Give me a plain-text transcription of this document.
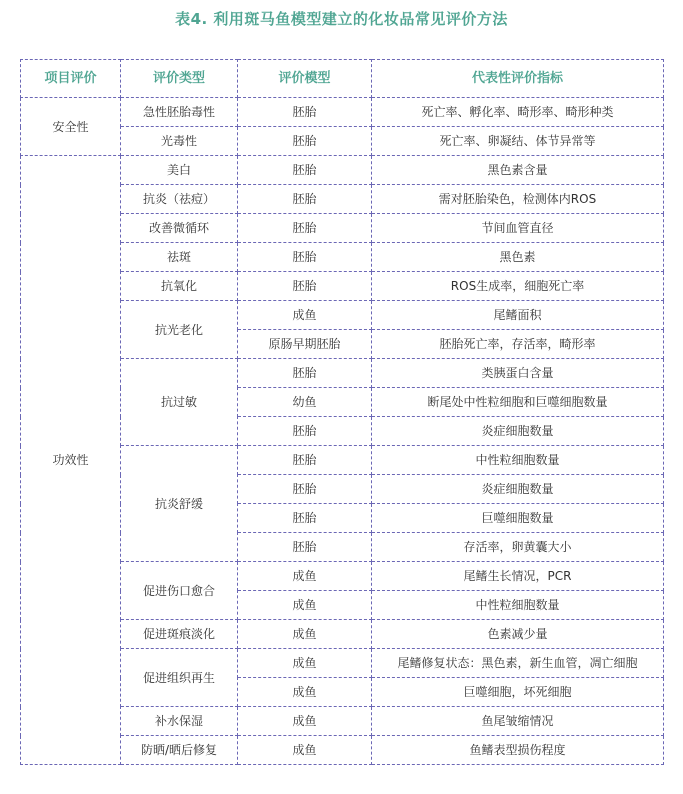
表4. 利用斑马鱼模型建立的化妆品常见评价方法
项目评价	评价类型	评价模型	代表性评价指标
安全性	急性胚胎毒性	胚胎	死亡率、孵化率、畸形率、畸形种类
	光毒性	胚胎	死亡率、卵凝结、体节异常等
功效性	美白	胚胎	黑色素含量
	抗炎（祛痘）	胚胎	需对胚胎染色，检测体内ROS
	改善微循环	胚胎	节间血管直径
	祛斑	胚胎	黑色素
	抗氧化	胚胎	ROS生成率，细胞死亡率
	抗光老化	成鱼	尾鳍面积
		原肠早期胚胎	胚胎死亡率，存活率，畸形率
	抗过敏	胚胎	类胰蛋白含量
		幼鱼	断尾处中性粒细胞和巨噬细胞数量
		胚胎	炎症细胞数量
	抗炎舒缓	胚胎	中性粒细胞数量
		胚胎	炎症细胞数量
		胚胎	巨噬细胞数量
		胚胎	存活率，卵黄囊大小
	促进伤口愈合	成鱼	尾鳍生长情况，PCR
		成鱼	中性粒细胞数量
	促进斑痕淡化	成鱼	色素减少量
	促进组织再生	成鱼	尾鳍修复状态：黑色素，新生血管，凋亡细胞
		成鱼	巨噬细胞，坏死细胞
	补水保湿	成鱼	鱼尾皱缩情况
	防晒/晒后修复	成鱼	鱼鳍表型损伤程度
